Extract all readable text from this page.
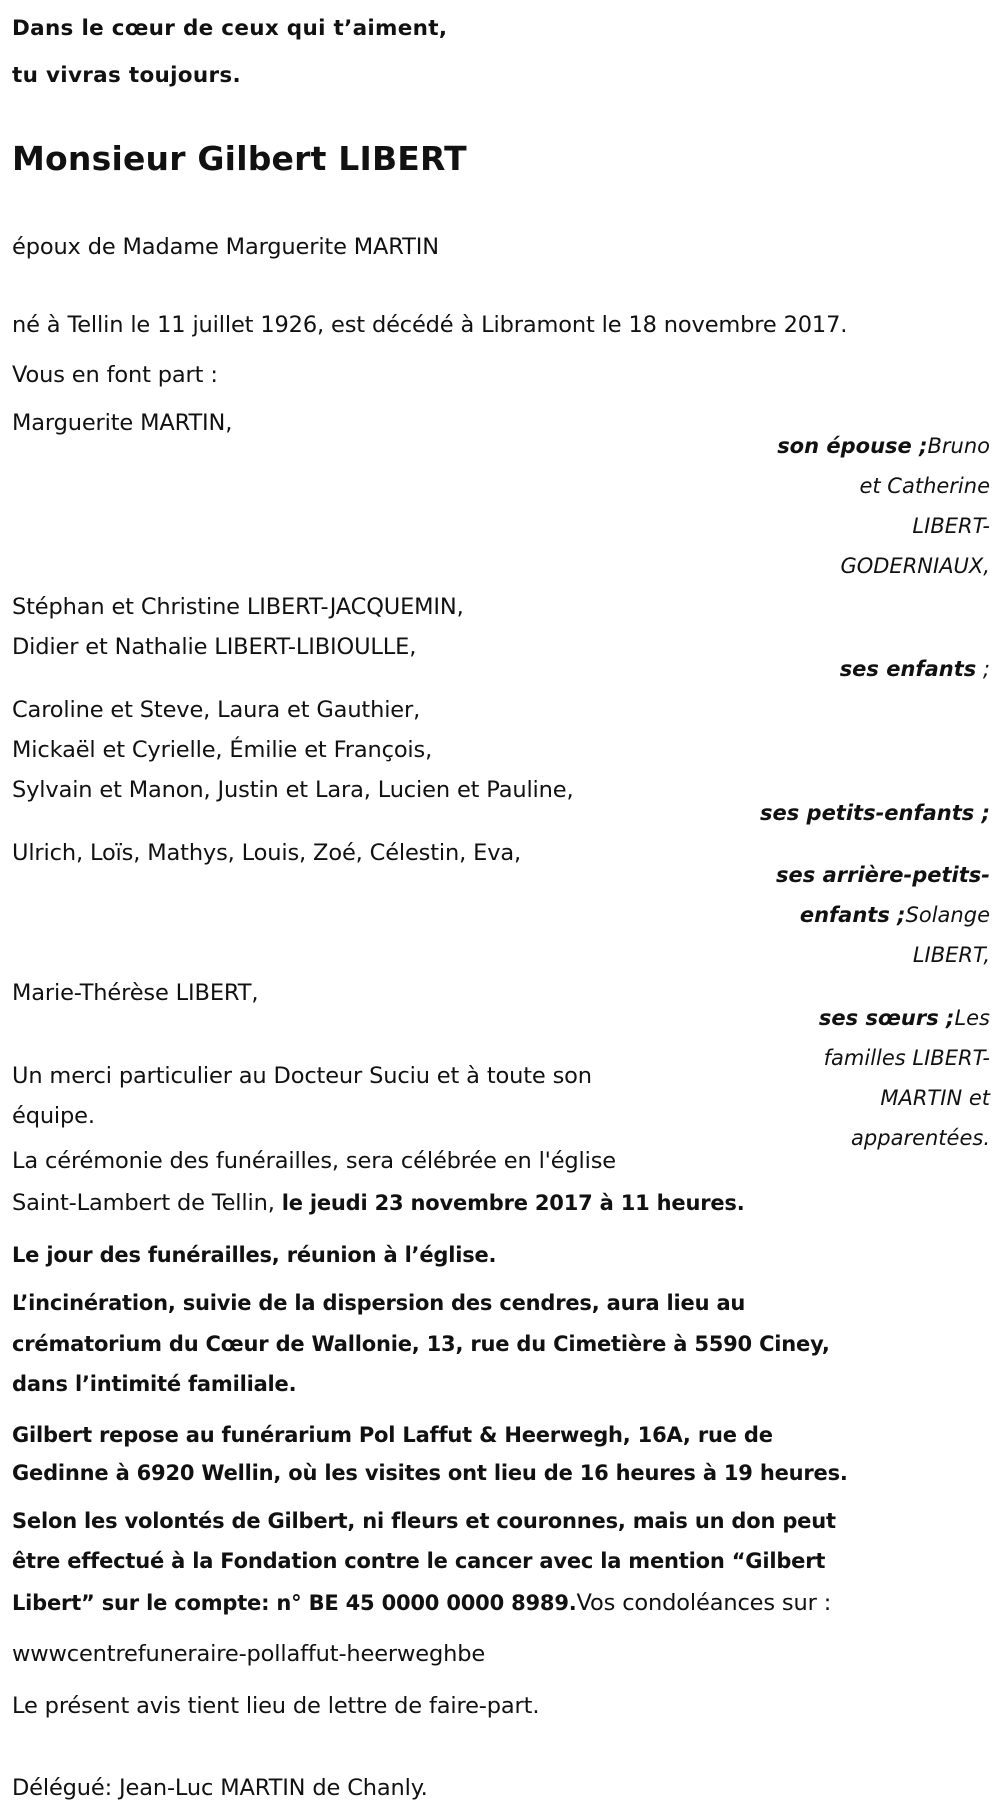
Dans le cœur de ceux qui t’aiment,
tu vivras toujours.
Monsieur Gilbert LIBERT
époux de Madame Marguerite MARTIN
né à Tellin le 11 juillet 1926, est décédé à Libramont le 18 novembre 2017.
Vous en font part :
Marguerite MARTIN,
Stéphan et Christine LIBERT-JACQUEMIN,
Didier et Nathalie LIBERT-LIBIOULLE,
Caroline et Steve, Laura et Gauthier,
Mickaël et Cyrielle, Émilie et François,
Sylvain et Manon, Justin et Lara, Lucien et Pauline,
Ulrich, Loïs, Mathys, Louis, Zoé, Célestin, Eva,
Marie-Thérèse LIBERT,
son épouse ;Bruno
et Catherine
LIBERT-
GODERNIAUX,
ses enfants ;
ses petits-enfants ;
ses arrière-petits-
enfants ;Solange
LIBERT,
ses sœurs ;Les
familles LIBERT-
MARTIN et
apparentées.
Un merci particulier au Docteur Suciu et à toute son
équipe.
La cérémonie des funérailles, sera célébrée en l'église
Saint-Lambert de Tellin, le jeudi 23 novembre 2017 à 11 heures.
Le jour des funérailles, réunion à l’église.
L’incinération, suivie de la dispersion des cendres, aura lieu au
crématorium du Cœur de Wallonie, 13, rue du Cimetière à 5590 Ciney,
dans l’intimité familiale.
Gilbert repose au funérarium Pol Laffut & Heerwegh, 16A, rue de
Gedinne à 6920 Wellin, où les visites ont lieu de 16 heures à 19 heures.
Selon les volontés de Gilbert, ni fleurs et couronnes, mais un don peut
être effectué à la Fondation contre le cancer avec la mention “Gilbert
Libert” sur le compte: n° BE 45 0000 0000 8989.Vos condoléances sur :
wwwcentrefuneraire-pollaffut-heerweghbe
Le présent avis tient lieu de lettre de faire-part.
Délégué: Jean-Luc MARTIN de Chanly.
